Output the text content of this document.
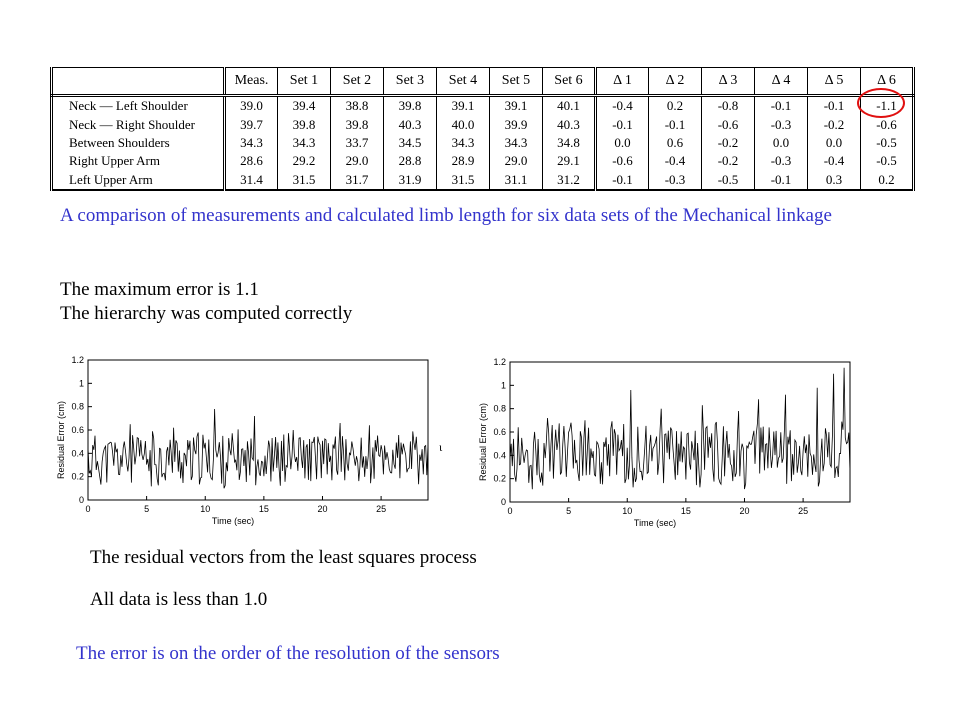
	Meas.	Set 1	Set 2	Set 3	Set 4	Set 5	Set 6	Δ 1	Δ 2	Δ 3	Δ 4	Δ 5	Δ 6
Neck — Left Shoulder	39.0	39.4	38.8	39.8	39.1	39.1	40.1	-0.4	0.2	-0.8	-0.1	-0.1	-1.1
Neck — Right Shoulder	39.7	39.8	39.8	40.3	40.0	39.9	40.3	-0.1	-0.1	-0.6	-0.3	-0.2	-0.6
Between Shoulders	34.3	34.3	33.7	34.5	34.3	34.3	34.8	0.0	0.6	-0.2	0.0	0.0	-0.5
Right Upper Arm	28.6	29.2	29.0	28.8	28.9	29.0	29.1	-0.6	-0.4	-0.2	-0.3	-0.4	-0.5
Left Upper Arm	31.4	31.5	31.7	31.9	31.5	31.1	31.2	-0.1	-0.3	-0.5	-0.1	0.3	0.2
A comparison of measurements and calculated limb length for six data sets of the Mechanical linkage
The maximum error is 1.1
The hierarchy was computed correctly
0
0.2
0.4
0.6
0.8
1
1.2
0	5	10	15	20	25
Time (sec)
Residual Error (cm)	ι
0
0.2
0.4
0.6
0.8
1
1.2
0	5	10	15	20	25
Time (sec)
Residual Error (cm)
The residual vectors from the least squares process
All data is less than 1.0
The error is on the order of the resolution of the sensors
